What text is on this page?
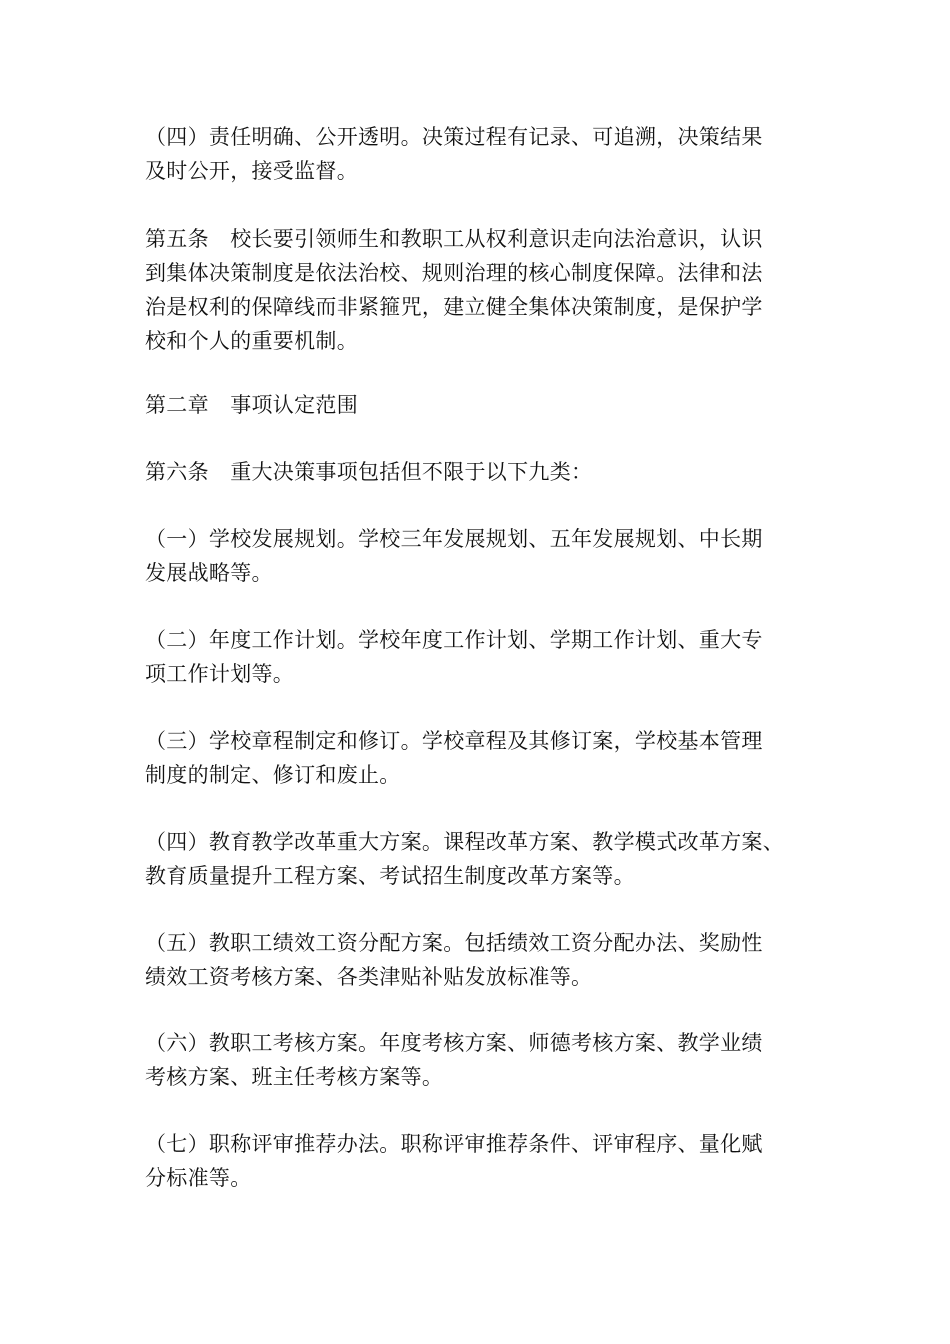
（四）责任明确、公开透明。决策过程有记录、可追溯，决策结果
及时公开，接受监督。
第五条　校长要引领师生和教职工从权利意识走向法治意识，认识
到集体决策制度是依法治校、规则治理的核心制度保障。法律和法
治是权利的保障线而非紧箍咒，建立健全集体决策制度，是保护学
校和个人的重要机制。
第二章　事项认定范围
第六条　重大决策事项包括但不限于以下九类：
（一）学校发展规划。学校三年发展规划、五年发展规划、中长期
发展战略等。
（二）年度工作计划。学校年度工作计划、学期工作计划、重大专
项工作计划等。
（三）学校章程制定和修订。学校章程及其修订案，学校基本管理
制度的制定、修订和废止。
（四）教育教学改革重大方案。课程改革方案、教学模式改革方案、
教育质量提升工程方案、考试招生制度改革方案等。
（五）教职工绩效工资分配方案。包括绩效工资分配办法、奖励性
绩效工资考核方案、各类津贴补贴发放标准等。
（六）教职工考核方案。年度考核方案、师德考核方案、教学业绩
考核方案、班主任考核方案等。
（七）职称评审推荐办法。职称评审推荐条件、评审程序、量化赋
分标准等。
